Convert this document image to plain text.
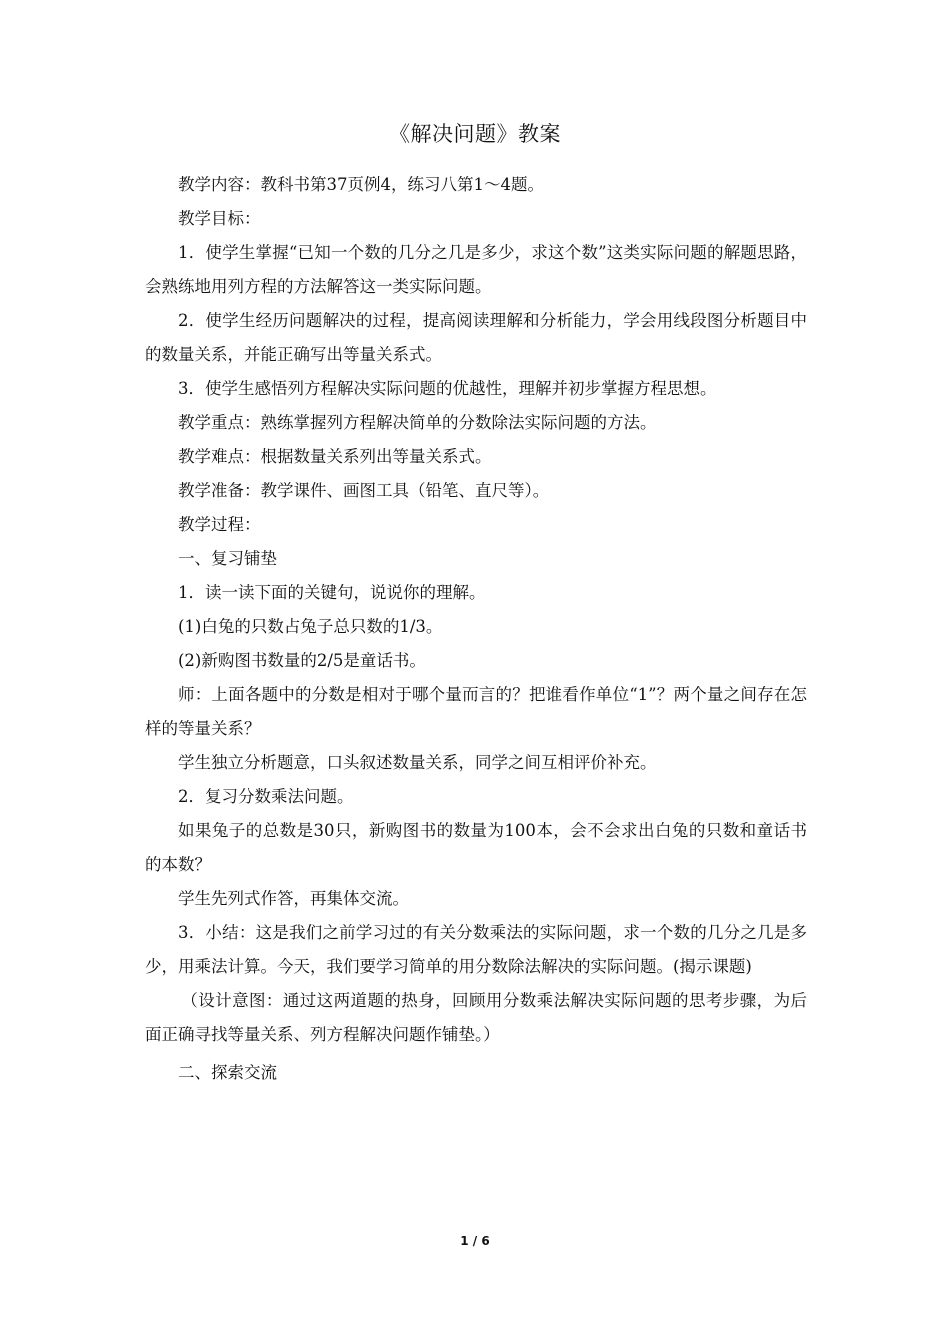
《解决问题》教案

教学内容：教科书第37页例4，练习八第1～4题。

教学目标：

1．使学生掌握“已知一个数的几分之几是多少，求这个数”这类实际问题的解题思路，会熟练地用列方程的方法解答这一类实际问题。

2．使学生经历问题解决的过程，提高阅读理解和分析能力，学会用线段图分析题目中的数量关系，并能正确写出等量关系式。

3．使学生感悟列方程解决实际问题的优越性，理解并初步掌握方程思想。

教学重点：熟练掌握列方程解决简单的分数除法实际问题的方法。

教学难点：根据数量关系列出等量关系式。

教学准备：教学课件、画图工具（铅笔、直尺等）。

教学过程：

一、复习铺垫

1．读一读下面的关键句，说说你的理解。

(1)白兔的只数占兔子总只数的1/3。

(2)新购图书数量的2/5是童话书。

师：上面各题中的分数是相对于哪个量而言的？把谁看作单位“1”？两个量之间存在怎样的等量关系？

学生独立分析题意，口头叙述数量关系，同学之间互相评价补充。

2．复习分数乘法问题。

如果兔子的总数是30只，新购图书的数量为100本，会不会求出白兔的只数和童话书的本数？

学生先列式作答，再集体交流。

3．小结：这是我们之前学习过的有关分数乘法的实际问题，求一个数的几分之几是多少，用乘法计算。今天，我们要学习简单的用分数除法解决的实际问题。(揭示课题)

（设计意图：通过这两道题的热身，回顾用分数乘法解决实际问题的思考步骤，为后面正确寻找等量关系、列方程解决问题作铺垫。）

二、探索交流

1 / 6
